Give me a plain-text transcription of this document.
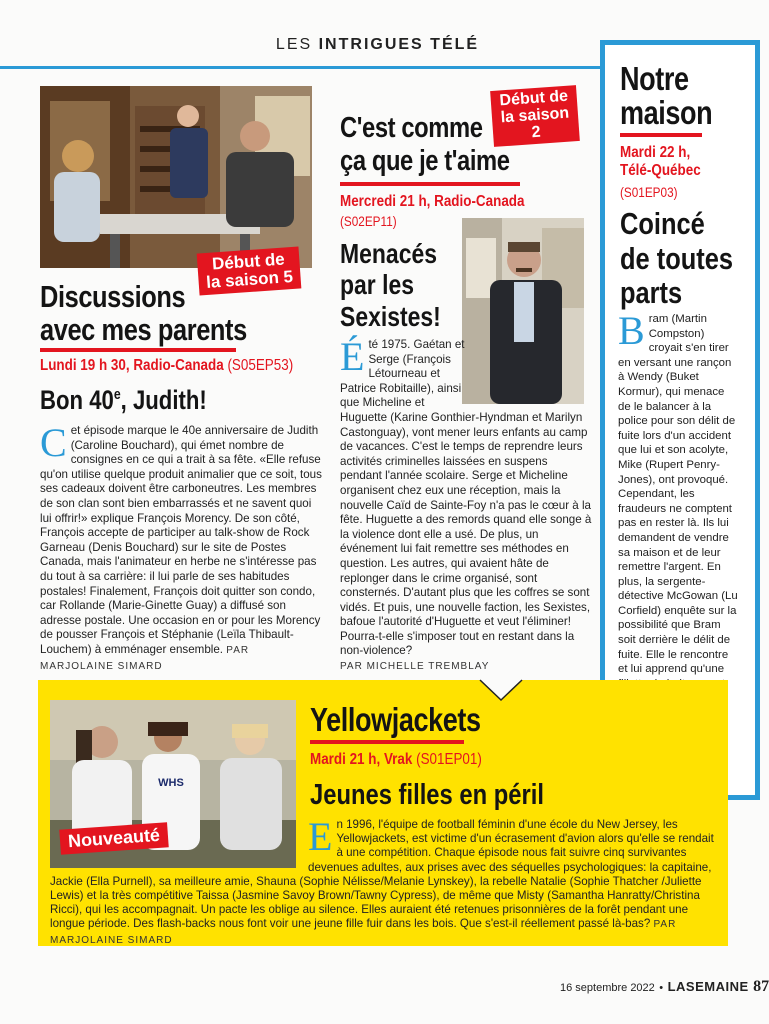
LES INTRIGUES TÉLÉ
Début de
la saison 5
Discussions
avec mes parents
Lundi 19 h 30, Radio-Canada (S05EP53)
Bon 40e, Judith!
Cet épisode marque le 40e anniversaire de Judith (Caroline Bouchard), qui émet nombre de consignes en ce qui a trait à sa fête. «Elle refuse qu'on utilise quelque produit animalier que ce soit, tous ses cadeaux doivent être carboneutres. Les membres de son clan sont bien embarrassés et ne savent quoi lui offrir!» explique François Morency. De son côté, François accepte de participer au talk-show de Rock Garneau (Denis Bouchard) sur le site de Postes Canada, mais l'animateur en herbe ne s'intéresse pas du tout à sa carrière: il lui parle de ses habitudes postales! Finalement, François doit quitter son condo, car Rollande (Marie-Ginette Guay) a diffusé son adresse postale. Une occasion en or pour les Morency de pousser François et Stéphanie (Leïla Thibault-Louchem) à emménager ensemble. PAR MARJOLAINE SIMARD
Début de
la saison 2
C'est comme
ça que je t'aime
Mercredi 21 h, Radio-Canada
(S02EP11)
Menacés
par les
Sexistes!
Été 1975. Gaétan et Serge (François Létourneau et Patrice Robitaille), ainsi que Micheline et Huguette (Karine Gonthier-Hyndman et Marilyn Castonguay), vont mener leurs enfants au camp de vacances. C'est le temps de reprendre leurs activités criminelles laissées en suspens pendant l'année scolaire. Serge et Micheline organisent chez eux une réception, mais la nouvelle Caïd de Sainte-Foy n'a pas le cœur à la fête. Huguette a des remords quand elle songe à la violence dont elle a usé. De plus, un événement lui fait remettre ses méthodes en question. Les autres, qui avaient hâte de replonger dans le crime organisé, sont consternés. D'autant plus que les coffres se sont vidés. Et puis, une nouvelle faction, les Sexistes, bafoue l'autorité d'Huguette et veut l'éliminer! Pourra-t-elle s'imposer tout en restant dans la non-violence?
PAR MICHELLE TREMBLAY
Notre
maison
Mardi 22 h,
Télé-Québec
(S01EP03)
Coincé
de toutes
parts
Bram (Martin Compston) croyait s'en tirer en versant une rançon à Wendy (Buket Kormur), qui menace de le balancer à la police pour son délit de fuite lors d'un accident que lui et son acolyte, Mike (Rupert Penry-Jones), ont provoqué. Cependant, les fraudeurs ne comptent pas en rester là. Ils lui demandent de vendre sa maison et de leur remettre l'argent. En plus, la sergente-détective McGowan (Lu Corfield) enquête sur la possibilité que Bram soit derrière le délit de fuite. Elle le rencontre et lui apprend qu'une

WHS
Nouveauté
Yellowjackets
Mardi 21 h, Vrak (S01EP01)
Jeunes filles en péril
En 1996, l'équipe de football féminin d'une école du New Jersey, les Yellowjackets, est victime d'un écrasement d'avion alors qu'elle se rendait à une compétition. Chaque épisode nous fait suivre cinq survivantes devenues adultes, aux prises avec des séquelles psychologiques: la capitaine, Jackie (Ella Purnell), sa meilleure amie, Shauna (Sophie Nélisse/Melanie Lynskey), la rebelle Natalie (Sophie Thatcher /Juliette Lewis) et la très compétitive Taissa (Jasmine Savoy Brown/Tawny Cypress), de même que Misty (Samantha Hanratty/Christina Ricci), qui les accompagnait. Un pacte les oblige au silence. Elles auraient été retenues prisonnières de la forêt pendant une longue période. Des flash-backs nous font voir une jeune fille fuir dans les bois. Que s'est-il réellement passé là-bas? PAR MARJOLAINE SIMARD
16 septembre 2022 • LASEMAINE 87
